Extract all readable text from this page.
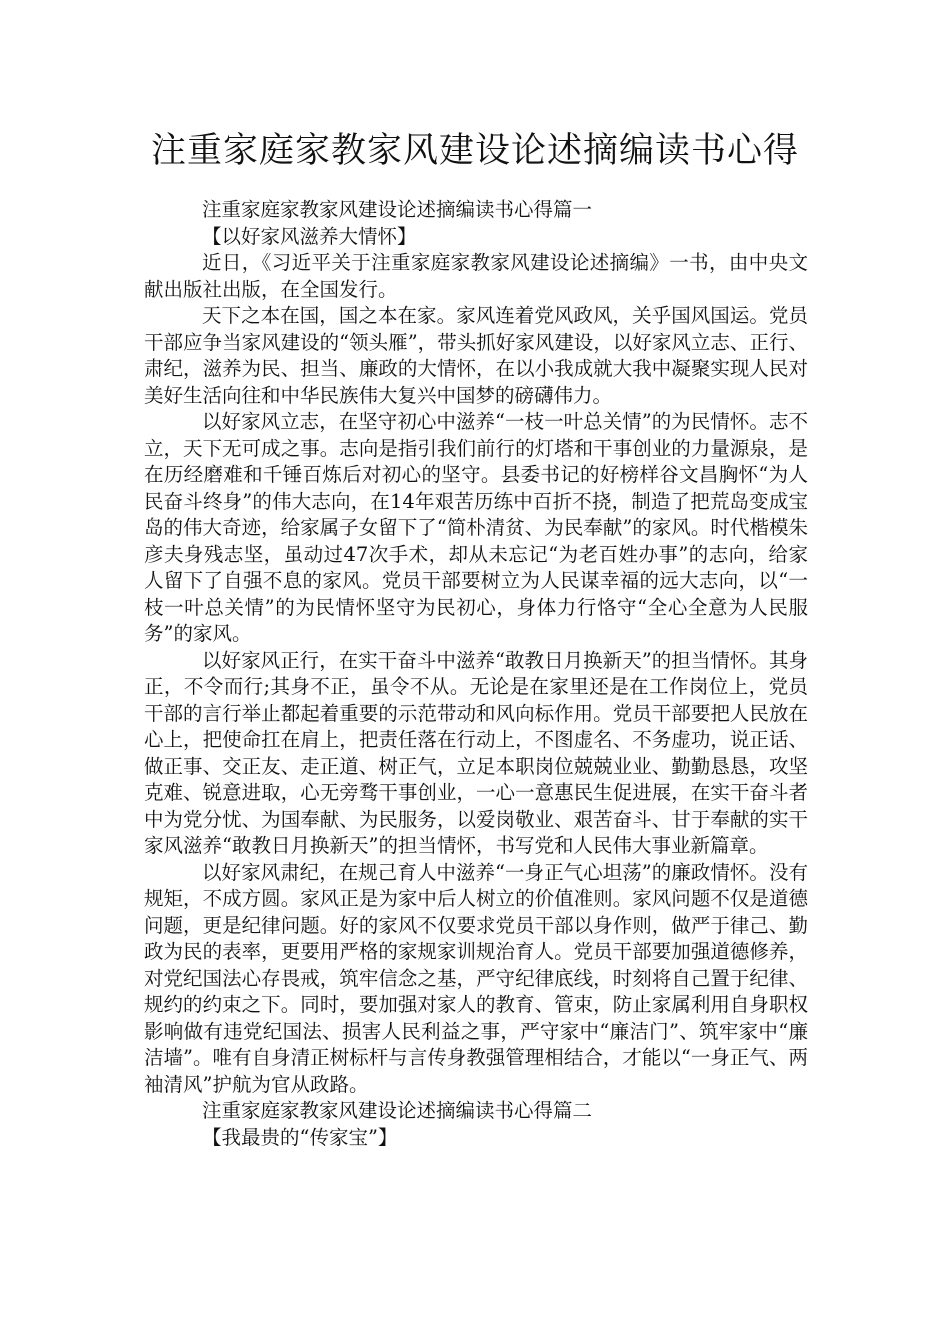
注重家庭家教家风建设论述摘编读书心得

注重家庭家教家风建设论述摘编读书心得篇一

【以好家风滋养大情怀】

近日，《习近平关于注重家庭家教家风建设论述摘编》一书，由中央文献出版社出版，在全国发行。

天下之本在国，国之本在家。家风连着党风政风，关乎国风国运。党员干部应争当家风建设的“领头雁”，带头抓好家风建设，以好家风立志、正行、肃纪，滋养为民、担当、廉政的大情怀，在以小我成就大我中凝聚实现人民对美好生活向往和中华民族伟大复兴中国梦的磅礴伟力。

以好家风立志，在坚守初心中滋养“一枝一叶总关情”的为民情怀。志不立，天下无可成之事。志向是指引我们前行的灯塔和干事创业的力量源泉，是在历经磨难和千锤百炼后对初心的坚守。县委书记的好榜样谷文昌胸怀“为人民奋斗终身”的伟大志向，在14年艰苦历练中百折不挠，制造了把荒岛变成宝岛的伟大奇迹，给家属子女留下了“简朴清贫、为民奉献”的家风。时代楷模朱彦夫身残志坚，虽动过47次手术，却从未忘记“为老百姓办事”的志向，给家人留下了自强不息的家风。党员干部要树立为人民谋幸福的远大志向，以“一枝一叶总关情”的为民情怀坚守为民初心，身体力行恪守“全心全意为人民服务”的家风。

以好家风正行，在实干奋斗中滋养“敢教日月换新天”的担当情怀。其身正，不令而行;其身不正，虽令不从。无论是在家里还是在工作岗位上，党员干部的言行举止都起着重要的示范带动和风向标作用。党员干部要把人民放在心上，把使命扛在肩上，把责任落在行动上，不图虚名、不务虚功，说正话、做正事、交正友、走正道、树正气，立足本职岗位兢兢业业、勤勤恳恳，攻坚克难、锐意进取，心无旁骛干事创业，一心一意惠民生促进展，在实干奋斗者中为党分忧、为国奉献、为民服务，以爱岗敬业、艰苦奋斗、甘于奉献的实干家风滋养“敢教日月换新天”的担当情怀，书写党和人民伟大事业新篇章。

以好家风肃纪，在规己育人中滋养“一身正气心坦荡”的廉政情怀。没有规矩，不成方圆。家风正是为家中后人树立的价值准则。家风问题不仅是道德问题，更是纪律问题。好的家风不仅要求党员干部以身作则，做严于律己、勤政为民的表率，更要用严格的家规家训规治育人。党员干部要加强道德修养，对党纪国法心存畏戒，筑牢信念之基，严守纪律底线，时刻将自己置于纪律、规约的约束之下。同时，要加强对家人的教育、管束，防止家属利用自身职权影响做有违党纪国法、损害人民利益之事，严守家中“廉洁门”、筑牢家中“廉洁墙”。唯有自身清正树标杆与言传身教强管理相结合，才能以“一身正气、两袖清风”护航为官从政路。

注重家庭家教家风建设论述摘编读书心得篇二

【我最贵的“传家宝”】
